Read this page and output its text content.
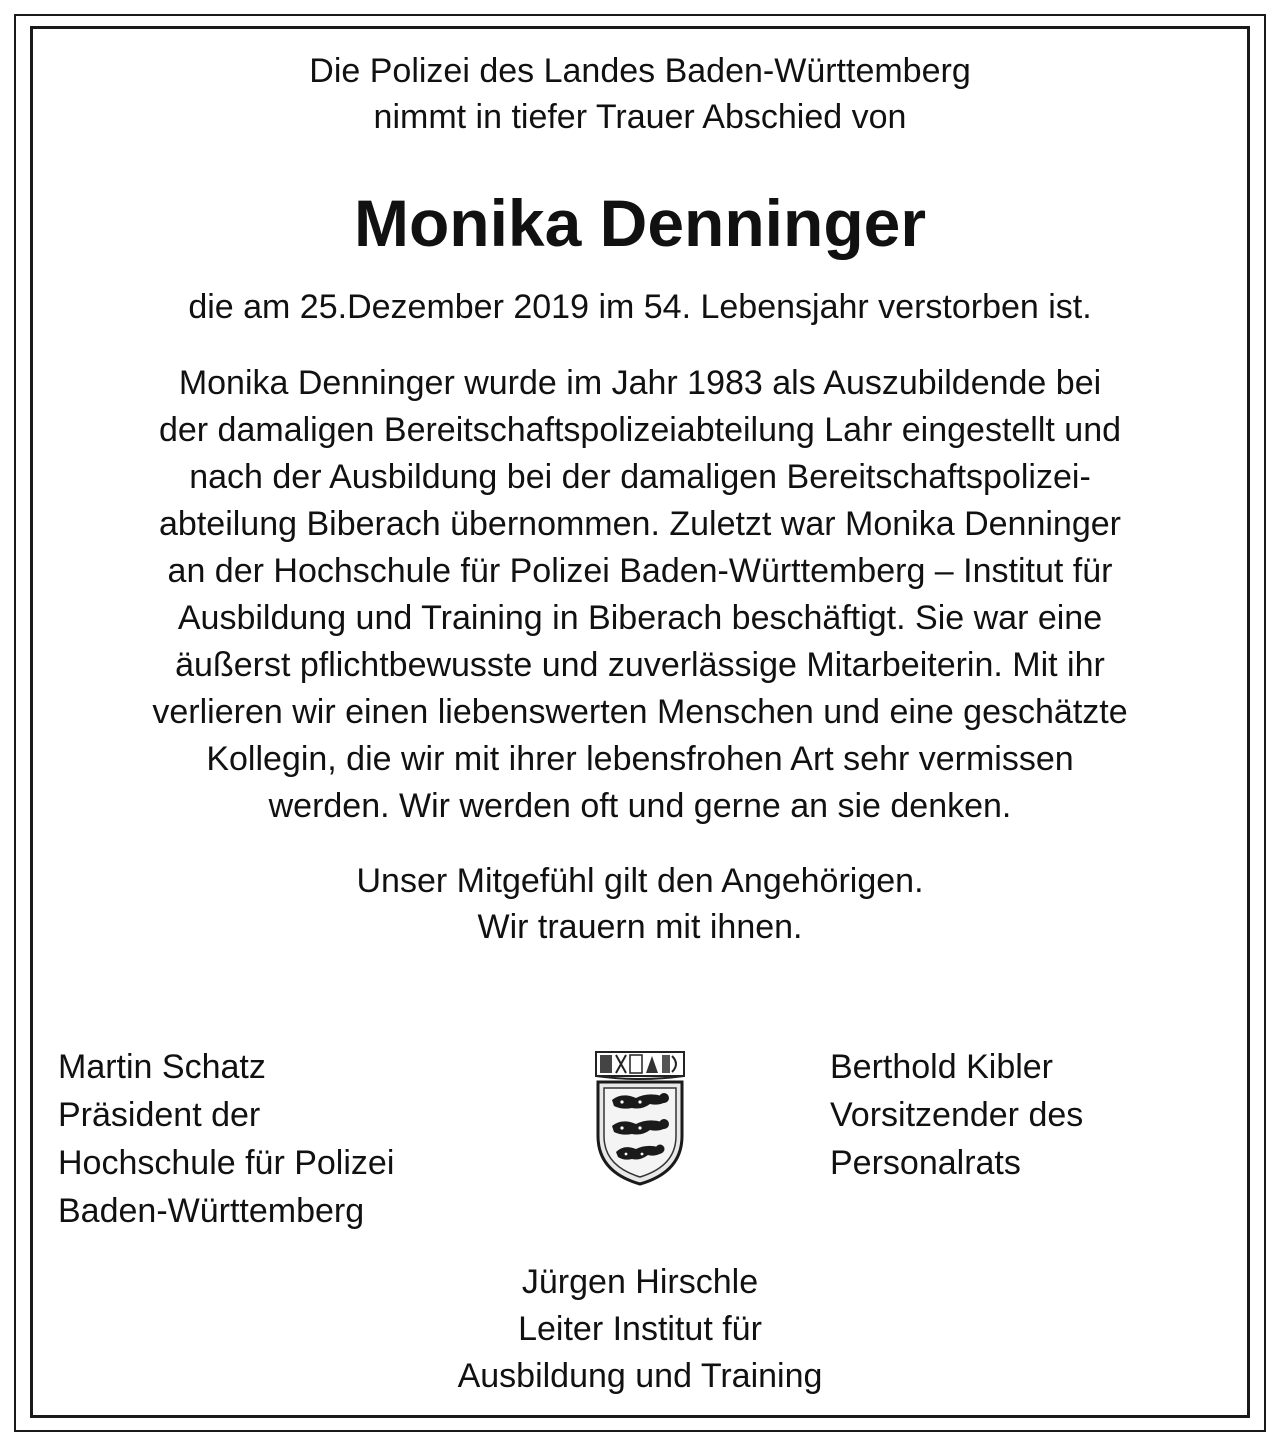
Die Polizei des Landes Baden-Württemberg
nimmt in tiefer Trauer Abschied von
Monika Denninger
die am 25.Dezember 2019 im 54. Lebensjahr verstorben ist.
Monika Denninger wurde im Jahr 1983 als Auszubildende bei
der damaligen Bereitschaftspolizeiabteilung Lahr eingestellt und
nach der Ausbildung bei der damaligen Bereitschaftspolizei-
abteilung Biberach übernommen. Zuletzt war Monika Denninger
an der Hochschule für Polizei Baden-Württemberg – Institut für
Ausbildung und Training in Biberach beschäftigt. Sie war eine
äußerst pflichtbewusste und zuverlässige Mitarbeiterin. Mit ihr
verlieren wir einen liebenswerten Menschen und eine geschätzte
Kollegin, die wir mit ihrer lebensfrohen Art sehr vermissen
werden. Wir werden oft und gerne an sie denken.
Unser Mitgefühl gilt den Angehörigen.
Wir trauern mit ihnen.
Martin Schatz
Präsident der
Hochschule für Polizei
Baden-Württemberg
Berthold Kibler
Vorsitzender des
Personalrats
Jürgen Hirschle
Leiter Institut für
Ausbildung und Training
